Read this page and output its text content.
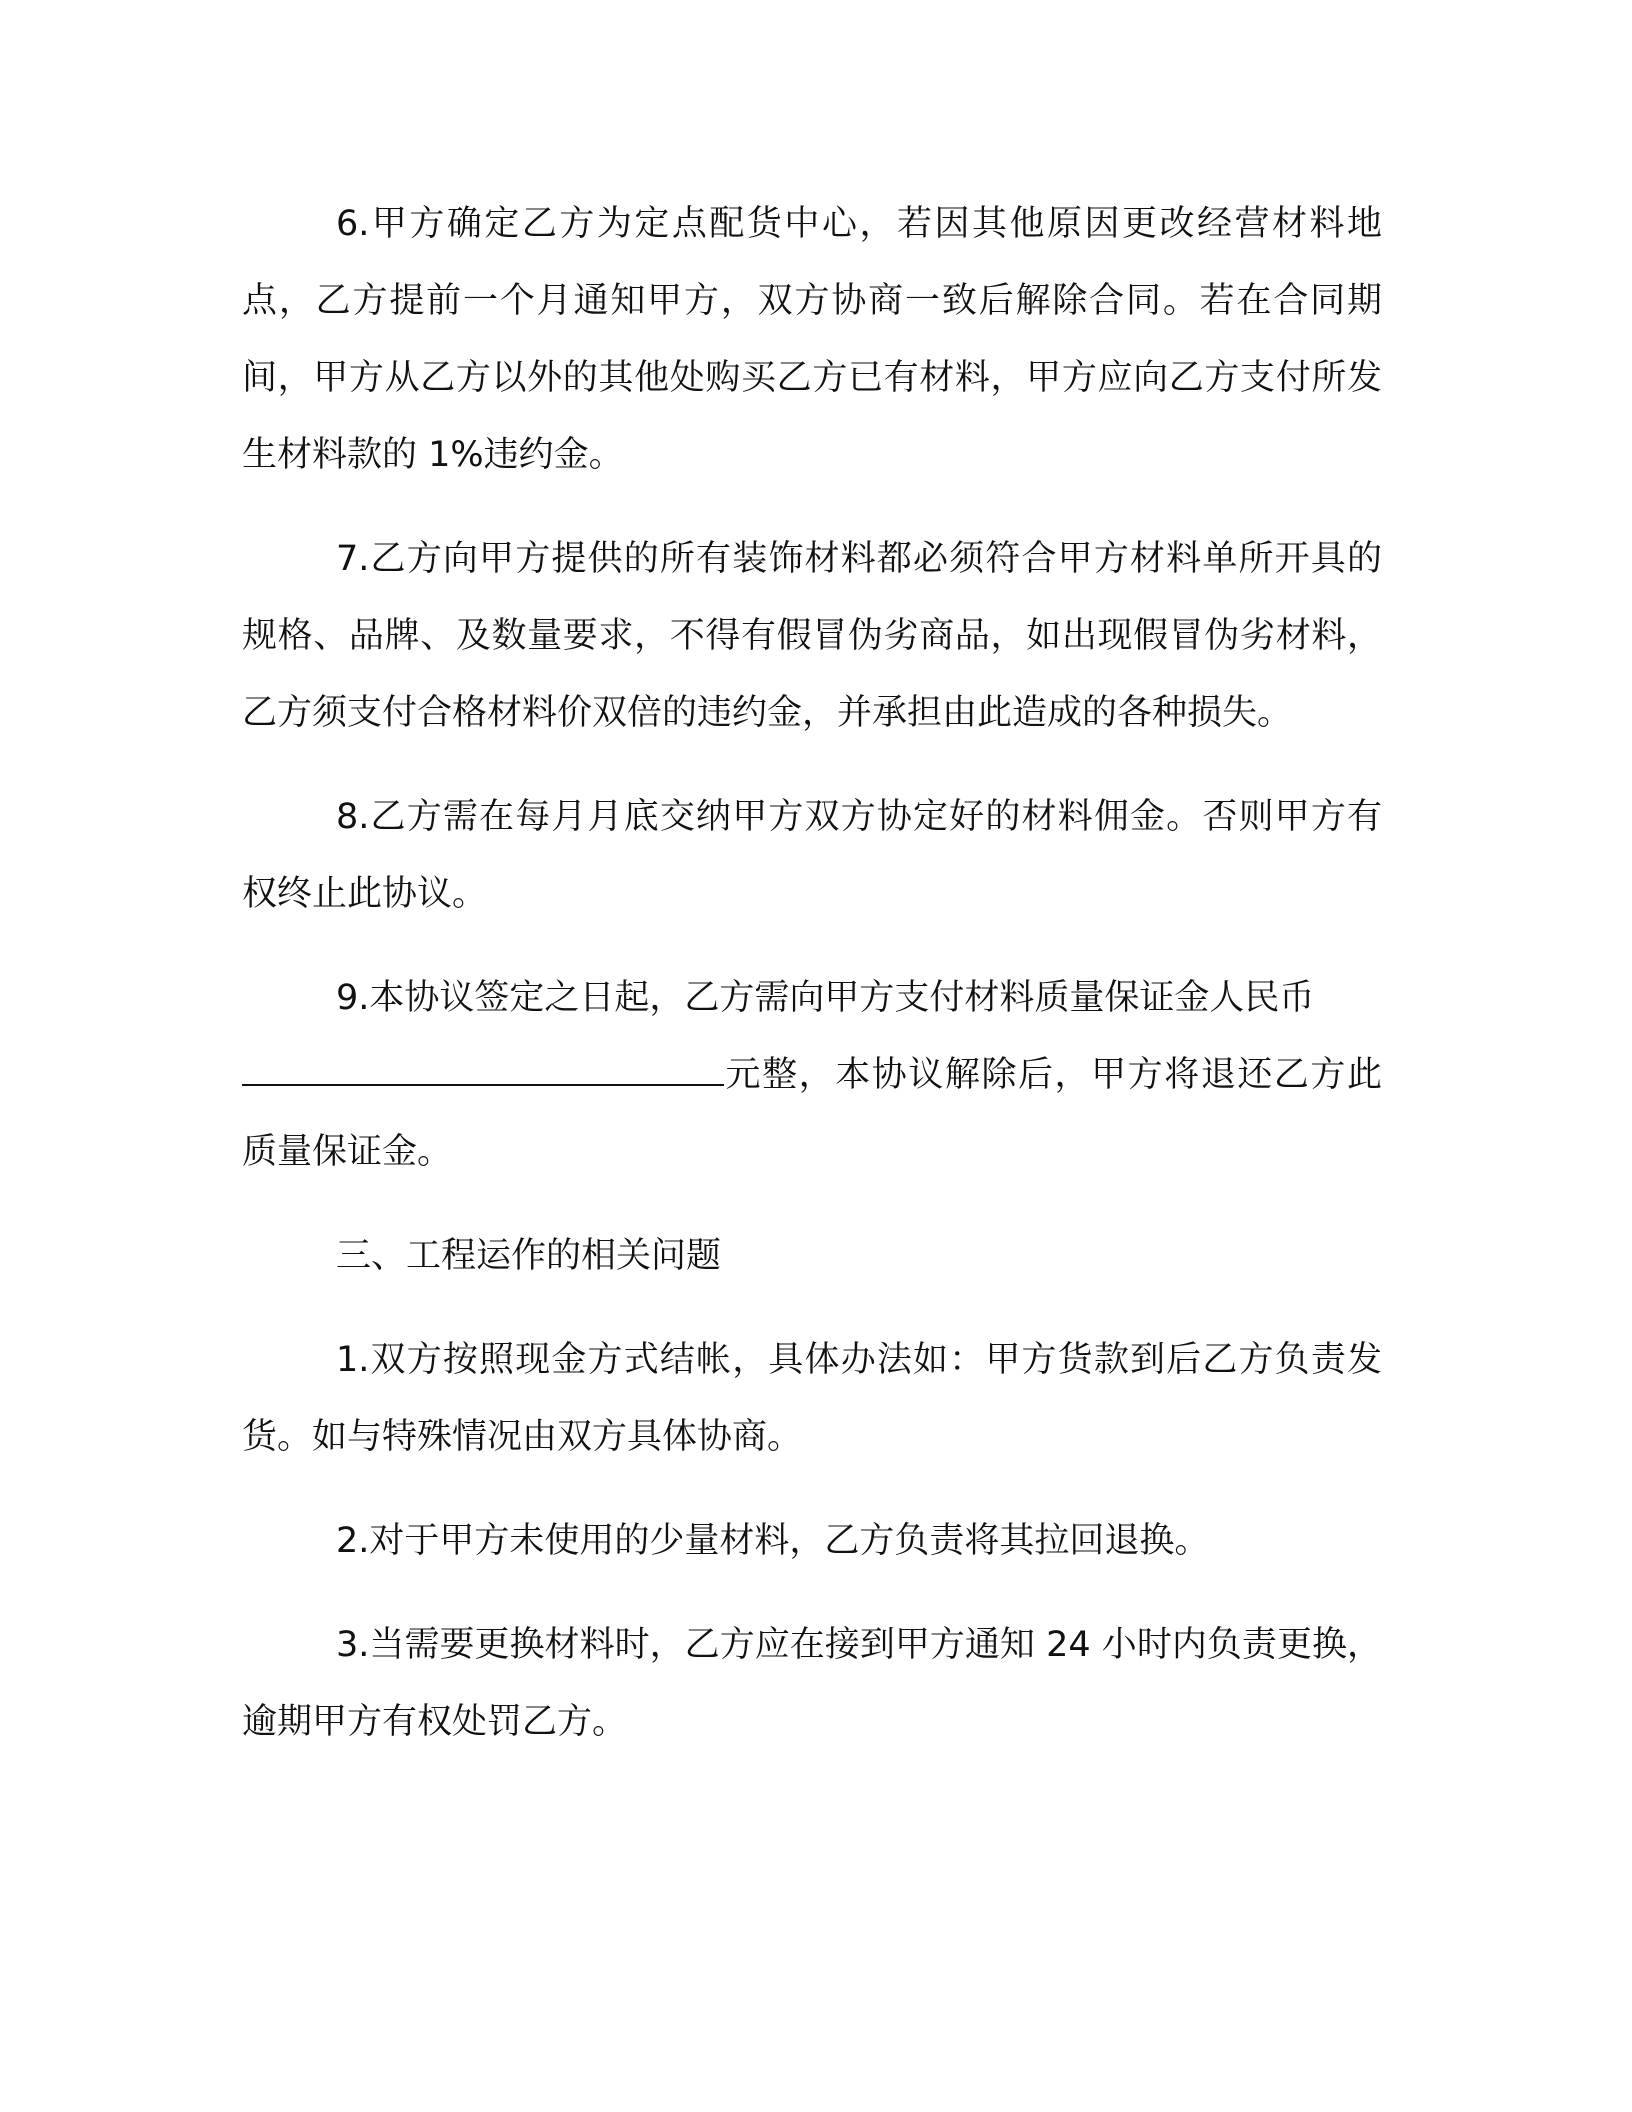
6.甲方确定乙方为定点配货中心，若因其他原因更改经营材料地点，乙方提前一个月通知甲方，双方协商一致后解除合同。若在合同期间，甲方从乙方以外的其他处购买乙方已有材料，甲方应向乙方支付所发生材料款的 1%违约金。

7.乙方向甲方提供的所有装饰材料都必须符合甲方材料单所开具的规格、品牌、及数量要求，不得有假冒伪劣商品，如出现假冒伪劣材料，乙方须支付合格材料价双倍的违约金，并承担由此造成的各种损失。

8.乙方需在每月月底交纳甲方双方协定好的材料佣金。否则甲方有权终止此协议。

9.本协议签定之日起，乙方需向甲方支付材料质量保证金人民币
元整，本协议解除后，甲方将退还乙方此质量保证金。

三、工程运作的相关问题

1.双方按照现金方式结帐，具体办法如：甲方货款到后乙方负责发货。如与特殊情况由双方具体协商。

2.对于甲方未使用的少量材料，乙方负责将其拉回退换。

3.当需要更换材料时，乙方应在接到甲方通知 24 小时内负责更换，逾期甲方有权处罚乙方。
